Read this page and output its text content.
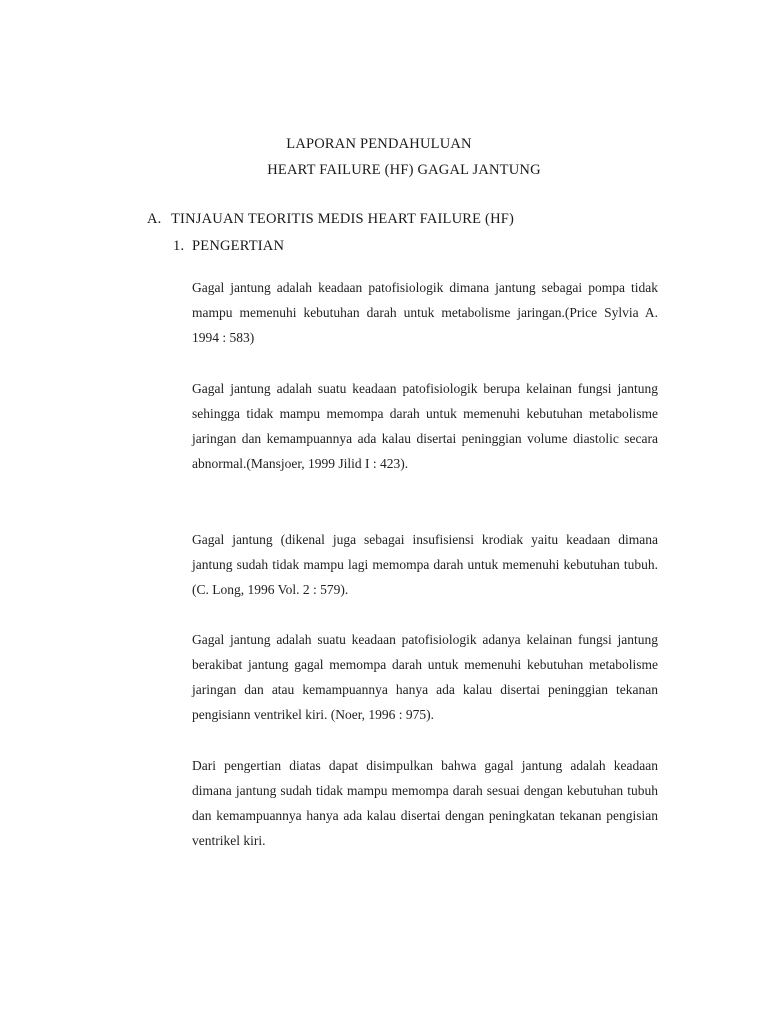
LAPORAN PENDAHULUAN
HEART FAILURE (HF) GAGAL JANTUNG
A. TINJAUAN TEORITIS MEDIS HEART FAILURE (HF)
1. PENGERTIAN

Gagal jantung adalah keadaan patofisiologik dimana jantung sebagai pompa tidak mampu memenuhi kebutuhan darah untuk metabolisme jaringan.(Price Sylvia A. 1994 : 583)

Gagal jantung adalah suatu keadaan patofisiologik berupa kelainan fungsi jantung sehingga tidak mampu memompa darah untuk memenuhi kebutuhan metabolisme jaringan dan kemampuannya ada kalau disertai peninggian volume diastolic secara abnormal.(Mansjoer, 1999 Jilid I : 423).

Gagal jantung (dikenal juga sebagai insufisiensi krodiak yaitu keadaan dimana jantung sudah tidak mampu lagi memompa darah untuk memenuhi kebutuhan tubuh. (C. Long, 1996 Vol. 2 : 579).

Gagal jantung adalah suatu keadaan patofisiologik adanya kelainan fungsi jantung berakibat jantung gagal memompa darah untuk memenuhi kebutuhan metabolisme jaringan dan atau kemampuannya hanya ada kalau disertai peninggian tekanan pengisiann ventrikel kiri. (Noer, 1996 : 975).

Dari pengertian diatas dapat disimpulkan bahwa gagal jantung adalah keadaan dimana jantung sudah tidak mampu memompa darah sesuai dengan kebutuhan tubuh dan kemampuannya hanya ada kalau disertai dengan peningkatan tekanan pengisian ventrikel kiri.
